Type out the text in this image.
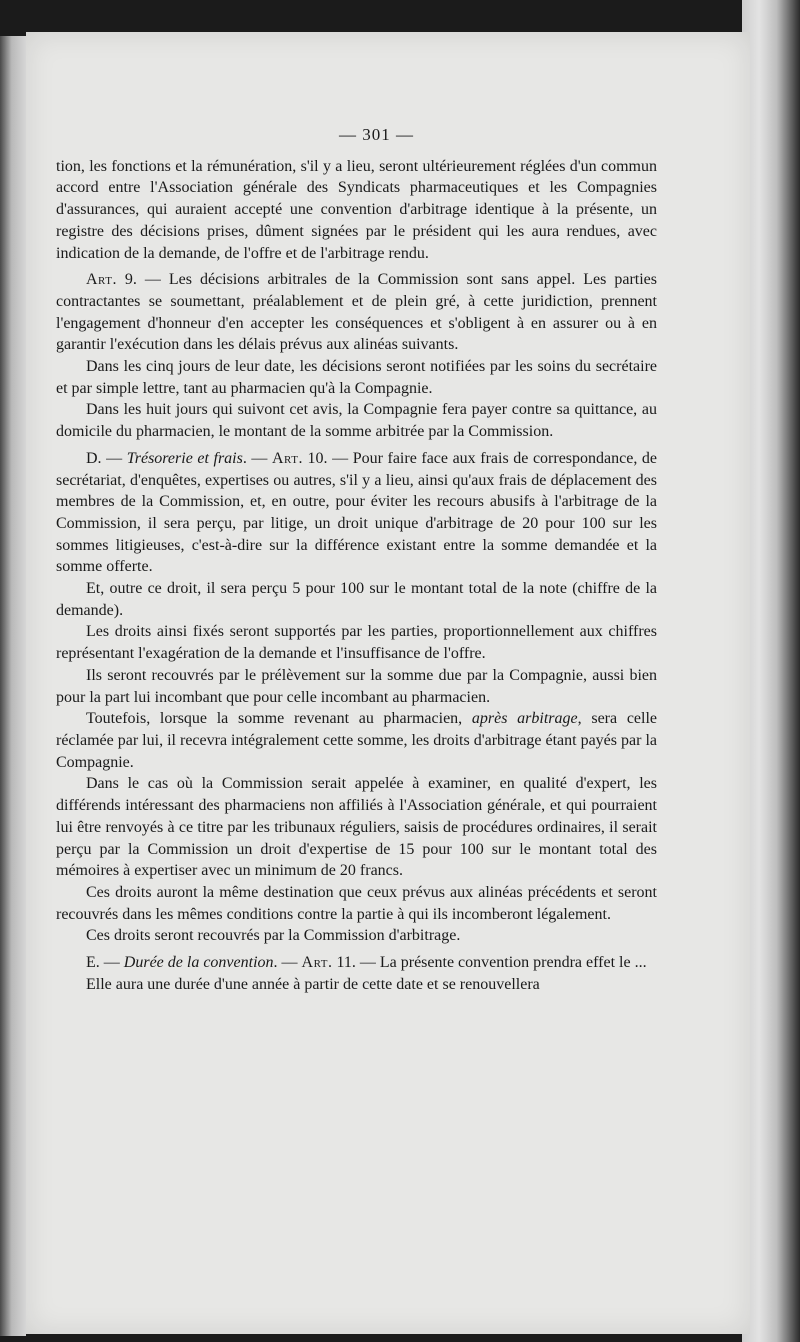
— 301 —

tion, les fonctions et la rémunération, s'il y a lieu, seront ultérieurement réglées d'un commun accord entre l'Association générale des Syndicats pharmaceutiques et les Compagnies d'assurances, qui auraient accepté une convention d'arbitrage identique à la présente, un registre des décisions prises, dûment signées par le président qui les aura rendues, avec indication de la demande, de l'offre et de l'arbitrage rendu.

Art. 9. — Les décisions arbitrales de la Commission sont sans appel. Les parties contractantes se soumettant, préalablement et de plein gré, à cette juridiction, prennent l'engagement d'honneur d'en accepter les conséquences et s'obligent à en assurer ou à en garantir l'exécution dans les délais prévus aux alinéas suivants.

Dans les cinq jours de leur date, les décisions seront notifiées par les soins du secrétaire et par simple lettre, tant au pharmacien qu'à la Compagnie.

Dans les huit jours qui suivont cet avis, la Compagnie fera payer contre sa quittance, au domicile du pharmacien, le montant de la somme arbitrée par la Commission.

D. — Trésorerie et frais. — Art. 10. — Pour faire face aux frais de correspondance, de secrétariat, d'enquêtes, expertises ou autres, s'il y a lieu, ainsi qu'aux frais de déplacement des membres de la Commission, et, en outre, pour éviter les recours abusifs à l'arbitrage de la Commission, il sera perçu, par litige, un droit unique d'arbitrage de 20 pour 100 sur les sommes litigieuses, c'est-à-dire sur la différence existant entre la somme demandée et la somme offerte.

Et, outre ce droit, il sera perçu 5 pour 100 sur le montant total de la note (chiffre de la demande).

Les droits ainsi fixés seront supportés par les parties, proportionnellement aux chiffres représentant l'exagération de la demande et l'insuffisance de l'offre.

Ils seront recouvrés par le prélèvement sur la somme due par la Compagnie, aussi bien pour la part lui incombant que pour celle incombant au pharmacien.

Toutefois, lorsque la somme revenant au pharmacien, après arbitrage, sera celle réclamée par lui, il recevra intégralement cette somme, les droits d'arbitrage étant payés par la Compagnie.

Dans le cas où la Commission serait appelée à examiner, en qualité d'expert, les différends intéressant des pharmaciens non affiliés à l'Association générale, et qui pourraient lui être renvoyés à ce titre par les tribunaux réguliers, saisis de procédures ordinaires, il serait perçu par la Commission un droit d'expertise de 15 pour 100 sur le montant total des mémoires à expertiser avec un minimum de 20 francs.

Ces droits auront la même destination que ceux prévus aux alinéas précédents et seront recouvrés dans les mêmes conditions contre la partie à qui ils incomberont légalement.

Ces droits seront recouvrés par la Commission d'arbitrage.

E. — Durée de la convention. — Art. 11. — La présente convention prendra effet le ...

Elle aura une durée d'une année à partir de cette date et se renouvellera
